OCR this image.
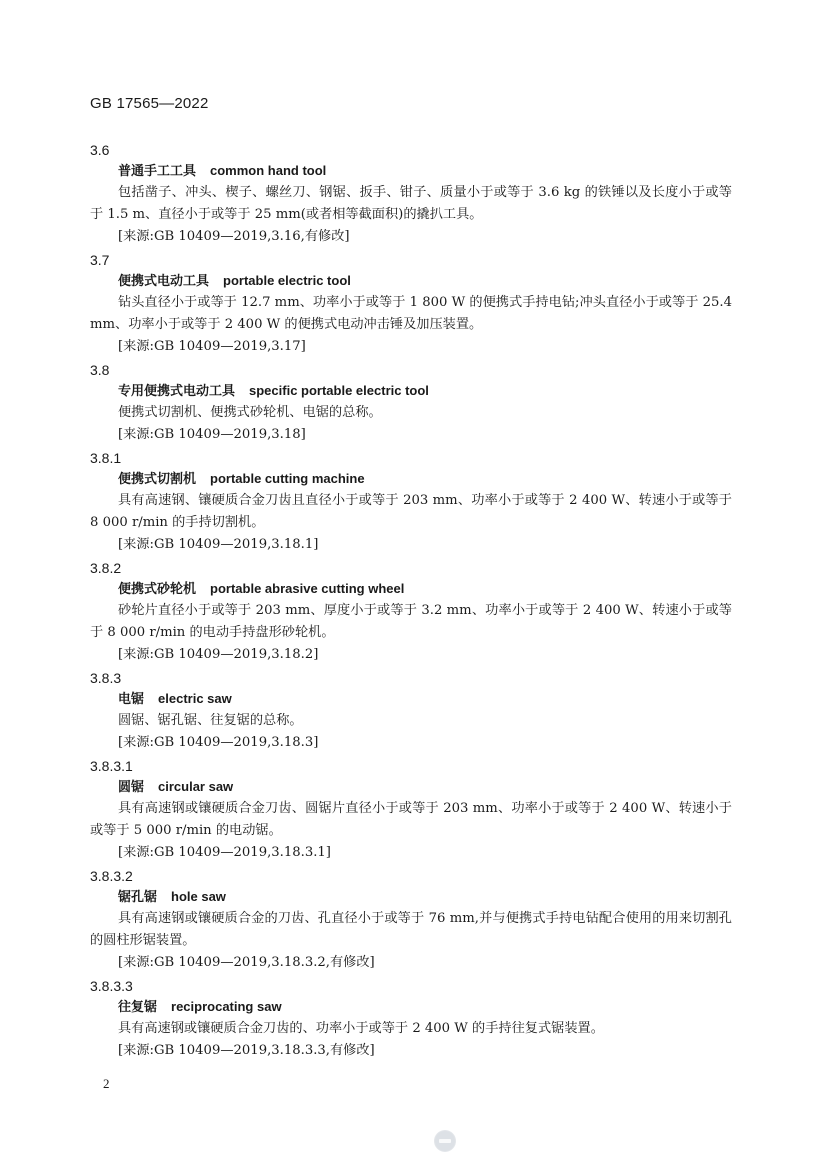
GB 17565—2022
3.6
普通手工工具 common hand tool
包括凿子、冲头、楔子、螺丝刀、钢锯、扳手、钳子、质量小于或等于 3.6 kg 的铁锤以及长度小于或等于 1.5 m、直径小于或等于 25 mm(或者相等截面积)的撬扒工具。
[来源:GB 10409—2019,3.16,有修改]
3.7
便携式电动工具 portable electric tool
钻头直径小于或等于 12.7 mm、功率小于或等于 1 800 W 的便携式手持电钻;冲头直径小于或等于 25.4 mm、功率小于或等于 2 400 W 的便携式电动冲击锤及加压装置。
[来源:GB 10409—2019,3.17]
3.8
专用便携式电动工具 specific portable electric tool
便携式切割机、便携式砂轮机、电锯的总称。
[来源:GB 10409—2019,3.18]
3.8.1
便携式切割机 portable cutting machine
具有高速钢、镶硬质合金刀齿且直径小于或等于 203 mm、功率小于或等于 2 400 W、转速小于或等于 8 000 r/min 的手持切割机。
[来源:GB 10409—2019,3.18.1]
3.8.2
便携式砂轮机 portable abrasive cutting wheel
砂轮片直径小于或等于 203 mm、厚度小于或等于 3.2 mm、功率小于或等于 2 400 W、转速小于或等于 8 000 r/min 的电动手持盘形砂轮机。
[来源:GB 10409—2019,3.18.2]
3.8.3
电锯 electric saw
圆锯、锯孔锯、往复锯的总称。
[来源:GB 10409—2019,3.18.3]
3.8.3.1
圆锯 circular saw
具有高速钢或镶硬质合金刀齿、圆锯片直径小于或等于 203 mm、功率小于或等于 2 400 W、转速小于或等于 5 000 r/min 的电动锯。
[来源:GB 10409—2019,3.18.3.1]
3.8.3.2
锯孔锯 hole saw
具有高速钢或镶硬质合金的刀齿、孔直径小于或等于 76 mm,并与便携式手持电钻配合使用的用来切割孔的圆柱形锯装置。
[来源:GB 10409—2019,3.18.3.2,有修改]
3.8.3.3
往复锯 reciprocating saw
具有高速钢或镶硬质合金刀齿的、功率小于或等于 2 400 W 的手持往复式锯装置。
[来源:GB 10409—2019,3.18.3.3,有修改]
2
